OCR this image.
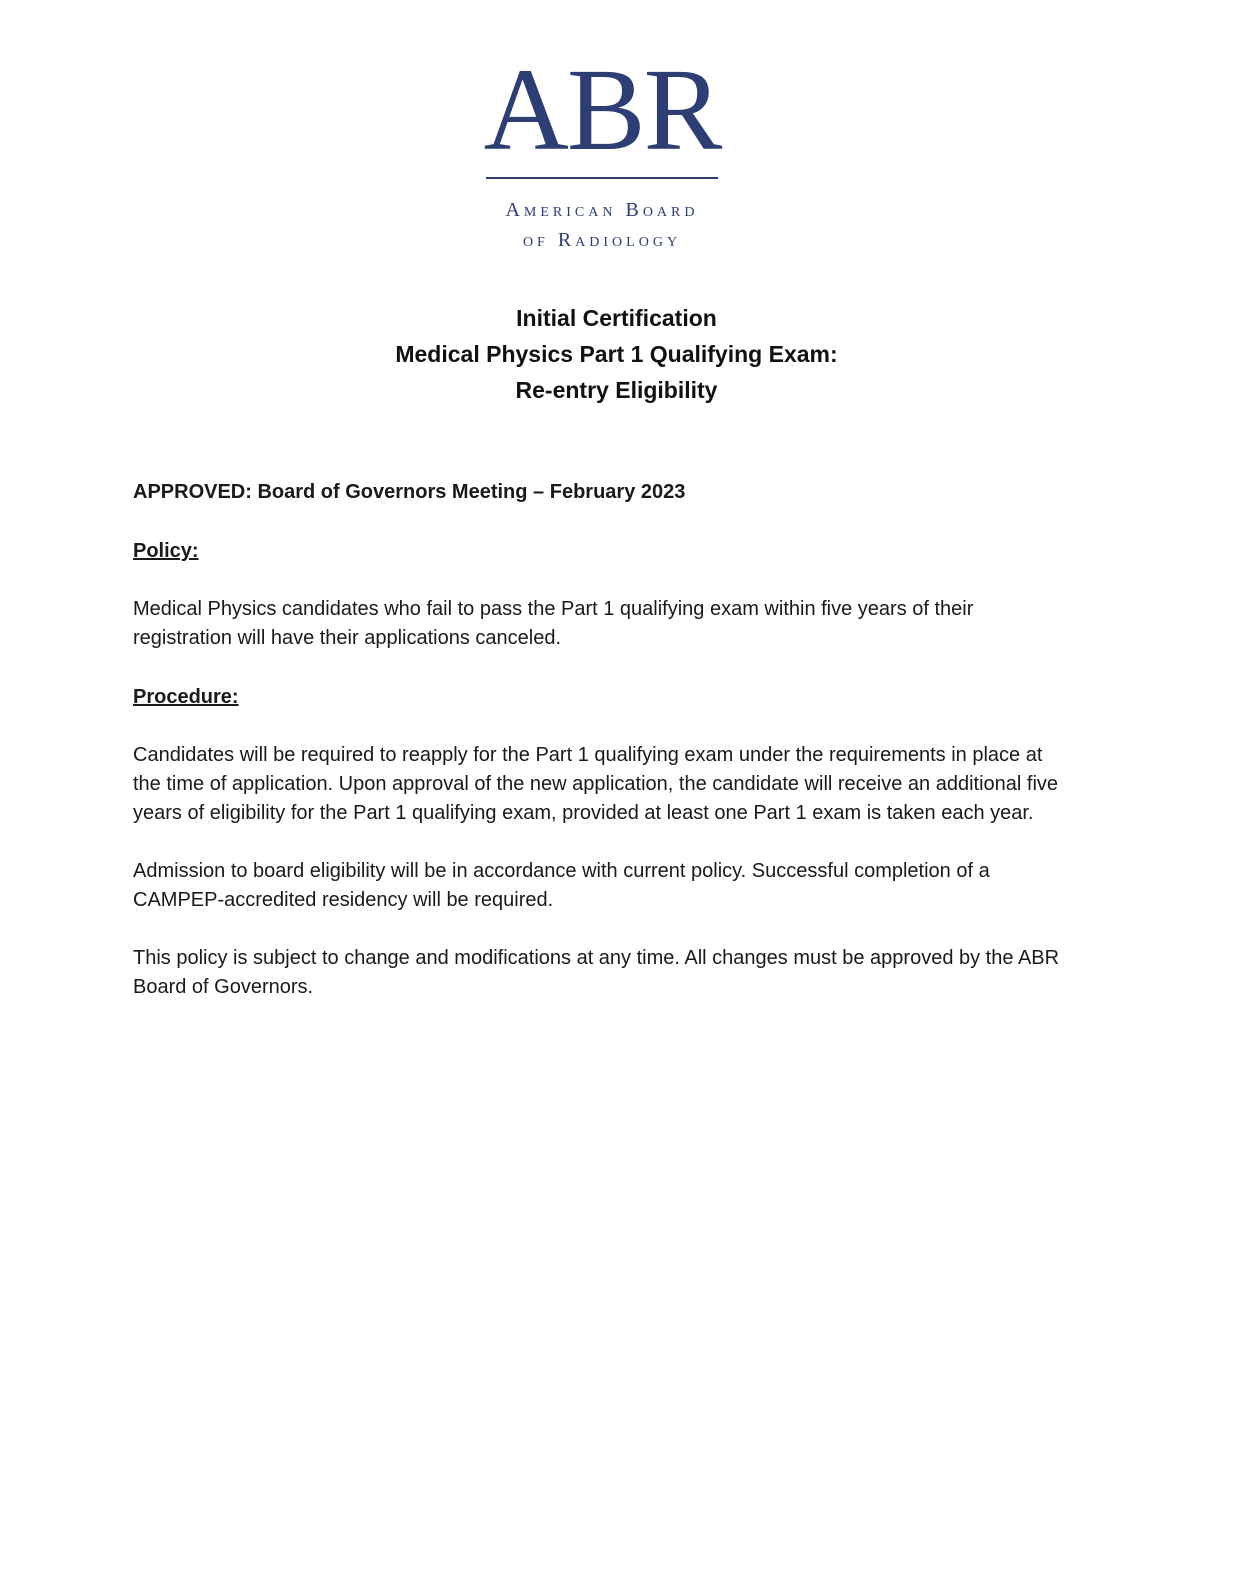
ABR
American Board
of Radiology
Initial Certification
Medical Physics Part 1 Qualifying Exam:
Re-entry Eligibility

APPROVED: Board of Governors Meeting – February 2023

Policy:

Medical Physics candidates who fail to pass the Part 1 qualifying exam within five years of their registration will have their applications canceled.

Procedure:

Candidates will be required to reapply for the Part 1 qualifying exam under the requirements in place at the time of application. Upon approval of the new application, the candidate will receive an additional five years of eligibility for the Part 1 qualifying exam, provided at least one Part 1 exam is taken each year.

Admission to board eligibility will be in accordance with current policy. Successful completion of a CAMPEP-accredited residency will be required.

This policy is subject to change and modifications at any time. All changes must be approved by the ABR Board of Governors.
